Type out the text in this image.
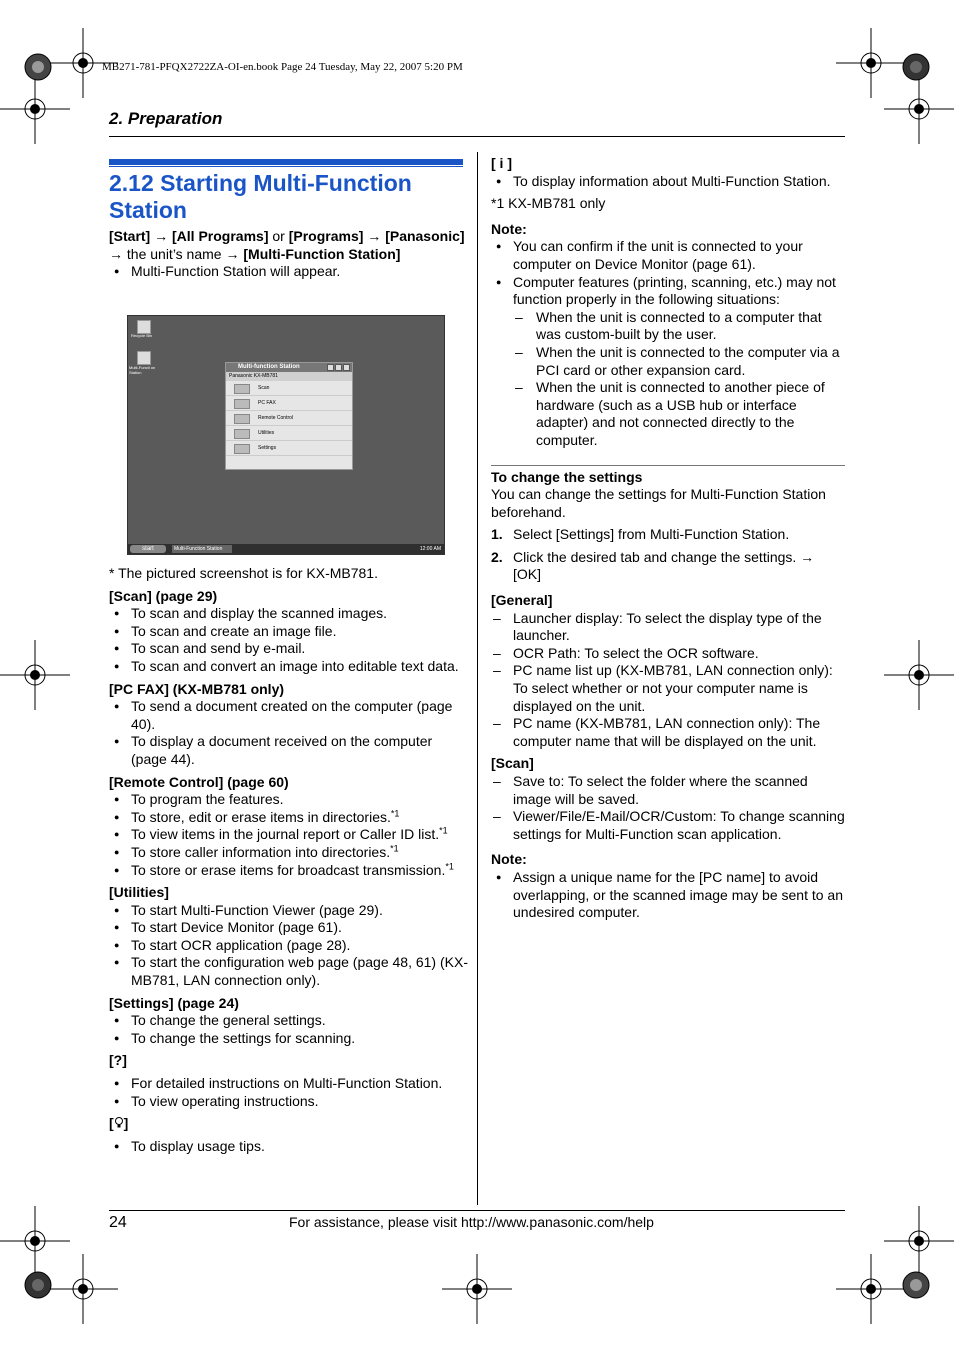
MB271-781-PFQX2722ZA-OI-en.book Page 24 Tuesday, May 22, 2007 5:20 PM
2. Preparation
2.12 Starting Multi-Function Station

[Start] → [All Programs] or [Programs] → [Panasonic] → the unit’s name → [Multi-Function Station]

● Multi-Function Station will appear.

Recycle Bin
Multi-Functi on Station
Multi-function Station
Panasonic KX-MB781
Scan
PC FAX
Remote Control
Utilities
Settings
start	Multi-Function Station	12:00 AM

* The pictured screenshot is for KX-MB781.

[Scan] (page 29)

● To scan and display the scanned images.

● To scan and create an image file.

● To scan and send by e-mail.

● To scan and convert an image into editable text data.

[PC FAX] (KX-MB781 only)

● To send a document created on the computer (page 40).

● To display a document received on the computer (page 44).

[Remote Control] (page 60)

● To program the features.

● To store, edit or erase items in directories.$^{*1}$

● To view items in the journal report or Caller ID list.$^{*1}$

● To store caller information into directories.$^{*1}$

● To store or erase items for broadcast transmission.$^{*1}$

[Utilities]

● To start Multi-Function Viewer (page 29).

● To start Device Monitor (page 61).

● To start OCR application (page 28).

● To start the configuration web page (page 48, 61) (KX-MB781, LAN connection only).

[Settings] (page 24)

● To change the general settings.

● To change the settings for scanning.

[?]

● For detailed instructions on Multi-Function Station.

● To view operating instructions.

[ ]

● To display usage tips.

[ i ]

● To display information about Multi-Function Station.

*1 KX-MB781 only

Note:

● You can confirm if the unit is connected to your computer on Device Monitor (page 61).

● Computer features (printing, scanning, etc.) may not function properly in the following situations:

– When the unit is connected to a computer that was custom-built by the user.

– When the unit is connected to the computer via a PCI card or other expansion card.

– When the unit is connected to another piece of hardware (such as a USB hub or interface adapter) and not connected directly to the computer.

To change the settings

You can change the settings for Multi-Function Station beforehand.

1. Select [Settings] from Multi-Function Station.

2. Click the desired tab and change the settings. → [OK]

[General]

– Launcher display: To select the display type of the launcher.

– OCR Path: To select the OCR software.

– PC name list up (KX-MB781, LAN connection only): To select whether or not your computer name is displayed on the unit.

– PC name (KX-MB781, LAN connection only): The computer name that will be displayed on the unit.

[Scan]

– Save to: To select the folder where the scanned image will be saved.

– Viewer/File/E-Mail/OCR/Custom: To change scanning settings for Multi-Function scan application.

Note:

● Assign a unique name for the [PC name] to avoid overlapping, or the scanned image may be sent to an undesired computer.

24	For assistance, please visit http://www.panasonic.com/help
